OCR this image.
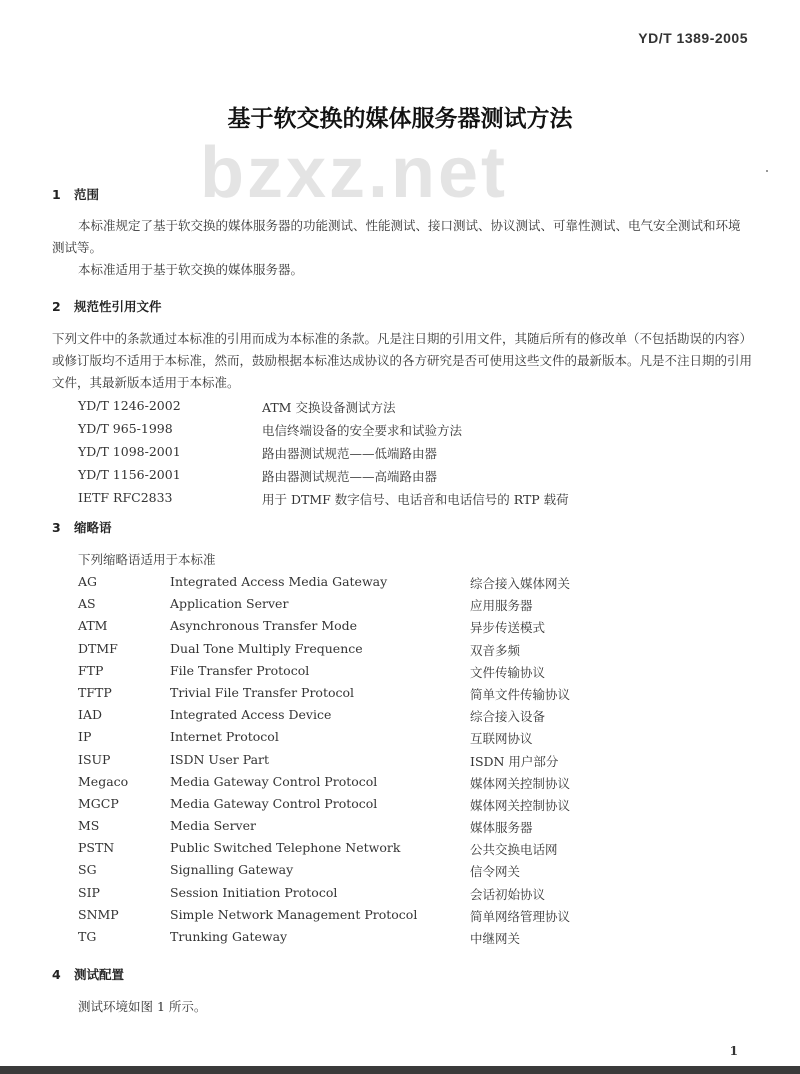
YD/T 1389-2005
基于软交换的媒体服务器测试方法
bzxz.net
1 范围

本标准规定了基于软交换的媒体服务器的功能测试、性能测试、接口测试、协议测试、可靠性测试、电气安全测试和环境测试等。

本标准适用于基于软交换的媒体服务器。

2 规范性引用文件
下列文件中的条款通过本标准的引用而成为本标准的条款。凡是注日期的引用文件，其随后所有的修改单（不包括勘误的内容）或修订版均不适用于本标准，然而，鼓励根据本标准达成协议的各方研究是否可使用这些文件的最新版本。凡是不注日期的引用文件，其最新版本适用于本标准。
YD/T 1246-2002	ATM 交换设备测试方法
YD/T 965-1998	电信终端设备的安全要求和试验方法
YD/T 1098-2001	路由器测试规范——低端路由器
YD/T 1156-2001	路由器测试规范——高端路由器
IETF RFC2833	用于 DTMF 数字信号、电话音和电话信号的 RTP 载荷
3 缩略语
下列缩略语适用于本标准
AG	Integrated Access Media Gateway	综合接入媒体网关
AS	Application Server	应用服务器
ATM	Asynchronous Transfer Mode	异步传送模式
DTMF	Dual Tone Multiply Frequence	双音多频
FTP	File Transfer Protocol	文件传输协议
TFTP	Trivial File Transfer Protocol	简单文件传输协议
IAD	Integrated Access Device	综合接入设备
IP	Internet Protocol	互联网协议
ISUP	ISDN User Part	ISDN 用户部分
Megaco	Media Gateway Control Protocol	媒体网关控制协议
MGCP	Media Gateway Control Protocol	媒体网关控制协议
MS	Media Server	媒体服务器
PSTN	Public Switched Telephone Network	公共交换电话网
SG	Signalling Gateway	信令网关
SIP	Session Initiation Protocol	会话初始协议
SNMP	Simple Network Management Protocol	简单网络管理协议
TG	Trunking Gateway	中继网关
4 测试配置
测试环境如图 1 所示。
1
